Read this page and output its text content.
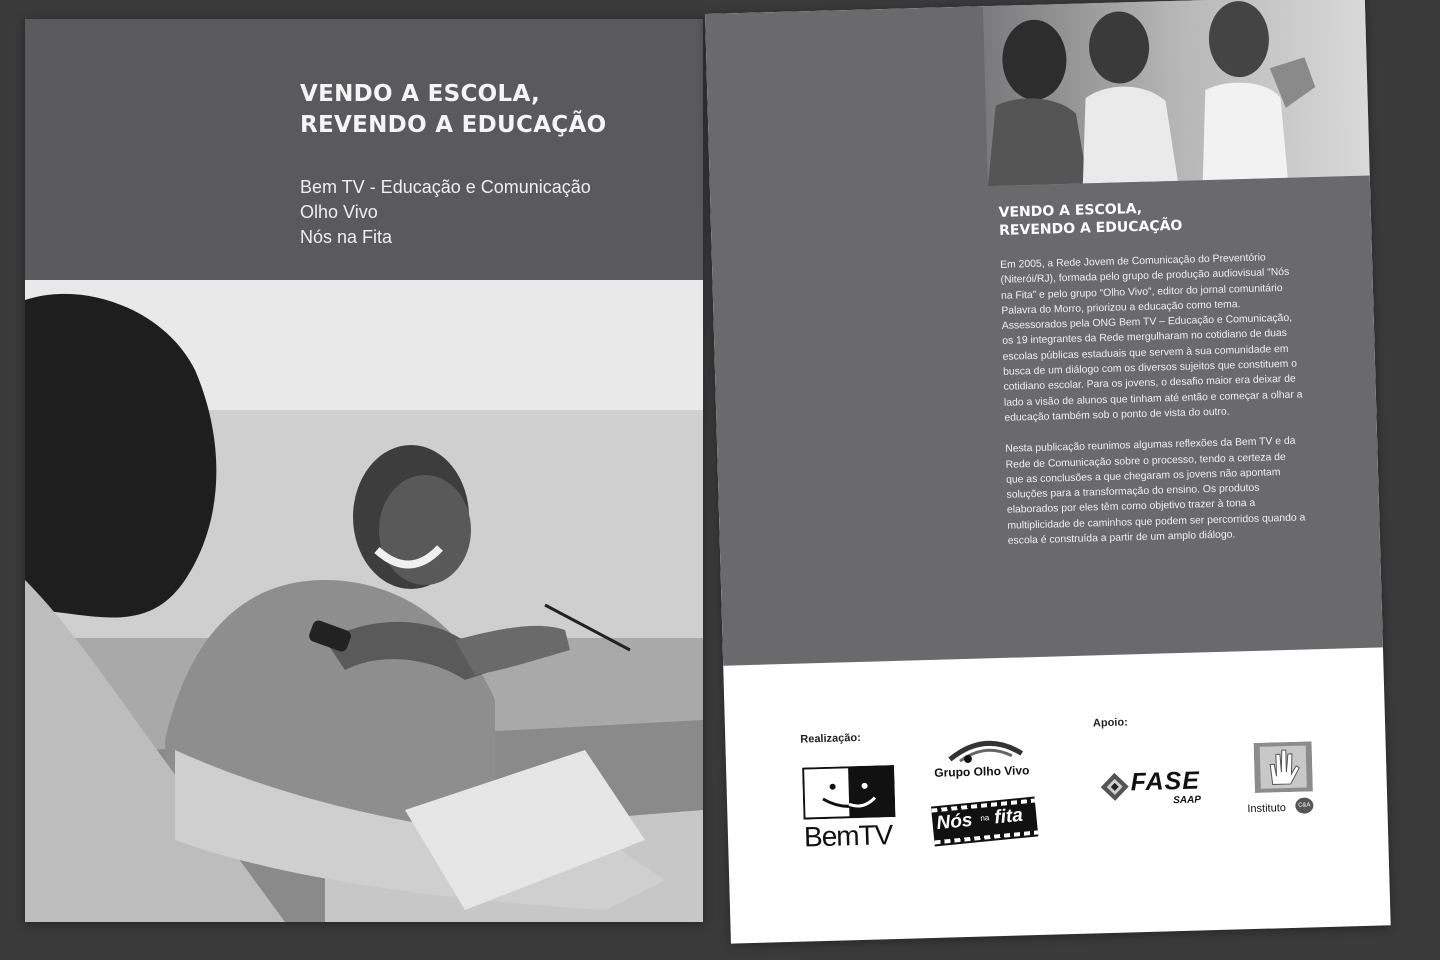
VENDO A ESCOLA,
REVENDO A EDUCAÇÃO
Bem TV - Educação e Comunicação
Olho Vivo
Nós na Fita
VENDO A ESCOLA,
REVENDO A EDUCAÇÃO

Em 2005, a Rede Jovem de Comunicação do Preventório (Niterói/RJ), formada pelo grupo de produção audiovisual “Nós na Fita” e pelo grupo “Olho Vivo”, editor do jornal comunitário Palavra do Morro, priorizou a educação como tema. Assessorados pela ONG Bem TV – Educação e Comunicação, os 19 integrantes da Rede mergulharam no cotidiano de duas escolas públicas estaduais que servem à sua comunidade em busca de um diálogo com os diversos sujeitos que constituem o cotidiano escolar. Para os jovens, o desafio maior era deixar de lado a visão de alunos que tinham até então e começar a olhar a educação também sob o ponto de vista do outro.

Nesta publicação reunimos algumas reflexões da Bem TV e da Rede de Comunicação sobre o processo, tendo a certeza de que as conclusões a que chegaram os jovens não apontam soluções para a transformação do ensino. Os produtos elaborados por eles têm como objetivo trazer à tona a multiplicidade de caminhos que podem ser percorridos quando a escola é construída a partir de um amplo diálogo.

Realização:
Apoio:
BemTV
Grupo Olho Vivo
Nós na fita
FASE
SAAP
Instituto	C&A
